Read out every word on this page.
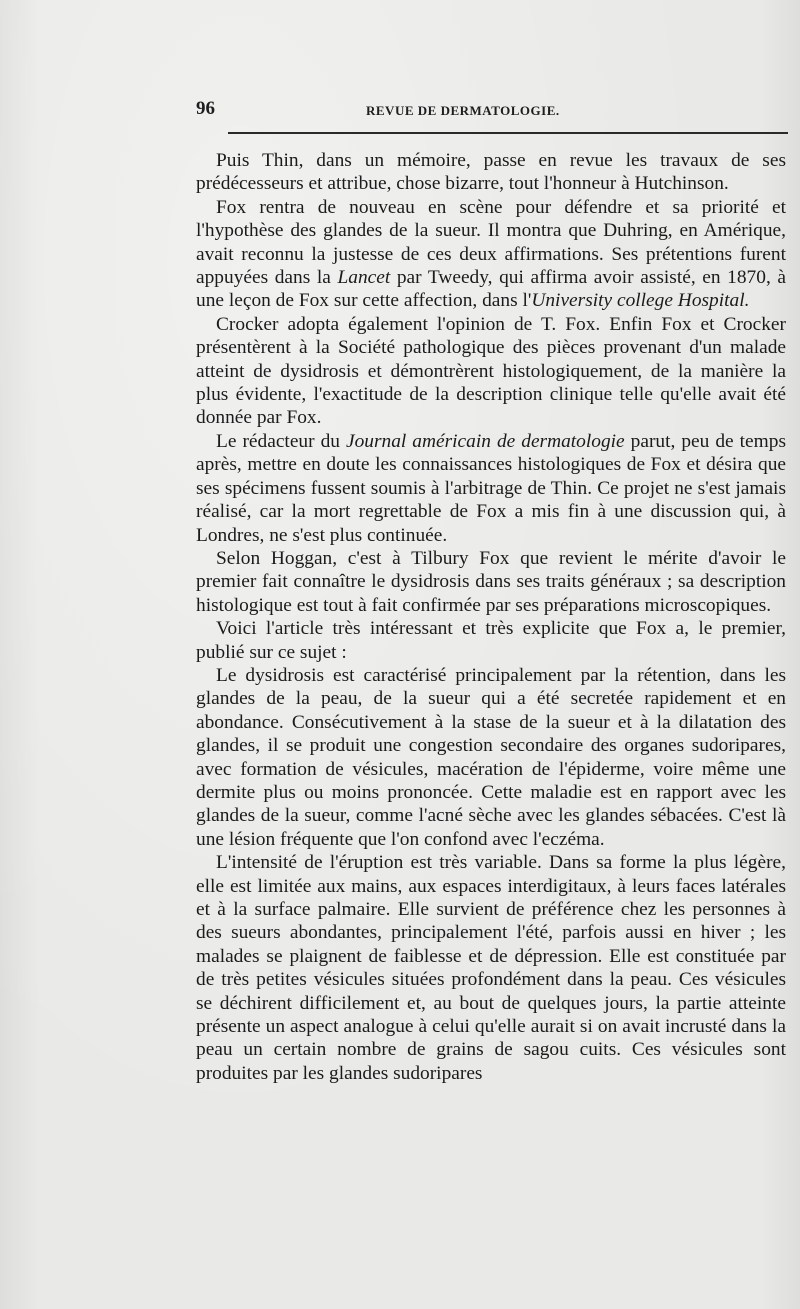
96	REVUE DE DERMATOLOGIE.

Puis Thin, dans un mémoire, passe en revue les travaux de ses prédécesseurs et attribue, chose bizarre, tout l'honneur à Hutchinson.

Fox rentra de nouveau en scène pour défendre et sa priorité et l'hypothèse des glandes de la sueur. Il montra que Duhring, en Amérique, avait reconnu la justesse de ces deux affirmations. Ses prétentions furent appuyées dans la Lancet par Tweedy, qui affirma avoir assisté, en 1870, à une leçon de Fox sur cette affection, dans l'University college Hospital.

Crocker adopta également l'opinion de T. Fox. Enfin Fox et Crocker présentèrent à la Société pathologique des pièces provenant d'un malade atteint de dysidrosis et démontrèrent histologiquement, de la manière la plus évidente, l'exactitude de la description clinique telle qu'elle avait été donnée par Fox.

Le rédacteur du Journal américain de dermatologie parut, peu de temps après, mettre en doute les connaissances histologiques de Fox et désira que ses spécimens fussent soumis à l'arbitrage de Thin. Ce projet ne s'est jamais réalisé, car la mort regrettable de Fox a mis fin à une discussion qui, à Londres, ne s'est plus continuée.

Selon Hoggan, c'est à Tilbury Fox que revient le mérite d'avoir le premier fait connaître le dysidrosis dans ses traits généraux ; sa description histologique est tout à fait confirmée par ses préparations microscopiques.

Voici l'article très intéressant et très explicite que Fox a, le premier, publié sur ce sujet :

Le dysidrosis est caractérisé principalement par la rétention, dans les glandes de la peau, de la sueur qui a été secretée rapidement et en abondance. Consécutivement à la stase de la sueur et à la dilatation des glandes, il se produit une congestion secondaire des organes sudoripares, avec formation de vésicules, macération de l'épiderme, voire même une dermite plus ou moins prononcée. Cette maladie est en rapport avec les glandes de la sueur, comme l'acné sèche avec les glandes sébacées. C'est là une lésion fréquente que l'on confond avec l'eczéma.

L'intensité de l'éruption est très variable. Dans sa forme la plus légère, elle est limitée aux mains, aux espaces interdigitaux, à leurs faces latérales et à la surface palmaire. Elle survient de préférence chez les personnes à des sueurs abondantes, principalement l'été, parfois aussi en hiver ; les malades se plaignent de faiblesse et de dépression. Elle est constituée par de très petites vésicules situées profondément dans la peau. Ces vésicules se déchirent difficilement et, au bout de quelques jours, la partie atteinte présente un aspect analogue à celui qu'elle aurait si on avait incrusté dans la peau un certain nombre de grains de sagou cuits. Ces vésicules sont produites par les glandes sudoripares
